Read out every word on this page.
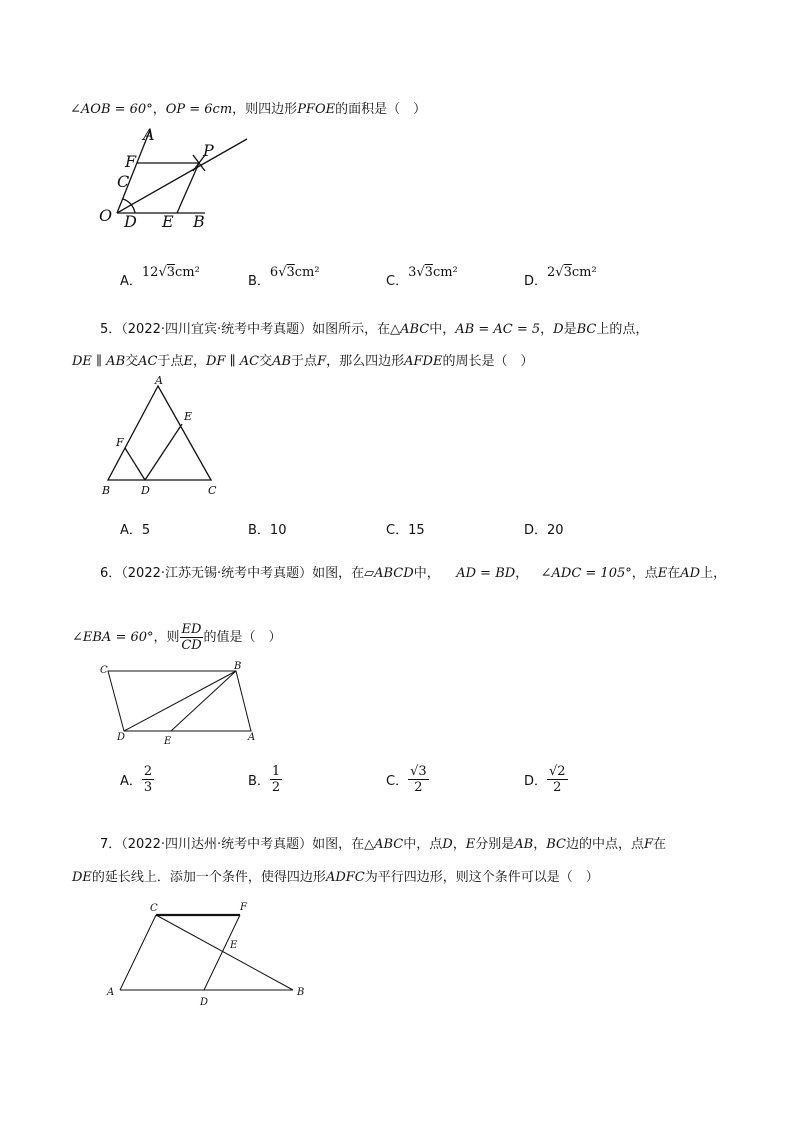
∠AOB = 60°，OP = 6cm，则四边形PFOE的面积是（　）
A
F
P
C
O D E B
A．12√3cm²
B．6√3cm²
C．3√3cm²
D．2√3cm²
5．（2022·四川宜宾·统考中考真题）如图所示，在△ABC中，AB = AC = 5，D是BC上的点，
DE ∥ AB交AC于点E，DF ∥ AC交AB于点F，那么四边形AFDE的周长是（　）
A
E
F
B	D	C
A．5	B．10	C．15	D．20
6．（2022·江苏无锡·统考中考真题）如图，在▱ABCD中， AD = BD， ∠ADC = 105°，点E在AD上，
∠EBA = 60°，则 $\frac{ED}{CD}$ 的值是（　）
C	B
D	E	A
A． $\frac{2}{3}$	B． $\frac{1}{2}$	C． $\frac{√3}{2}$	D． $\frac{√2}{2}$
7．（2022·四川达州·统考中考真题）如图，在△ABC中，点D，E分别是AB，BC边的中点，点F在
DE的延长线上．添加一个条件，使得四边形ADFC为平行四边形，则这个条件可以是（　）
C	F
E
A
D
B
